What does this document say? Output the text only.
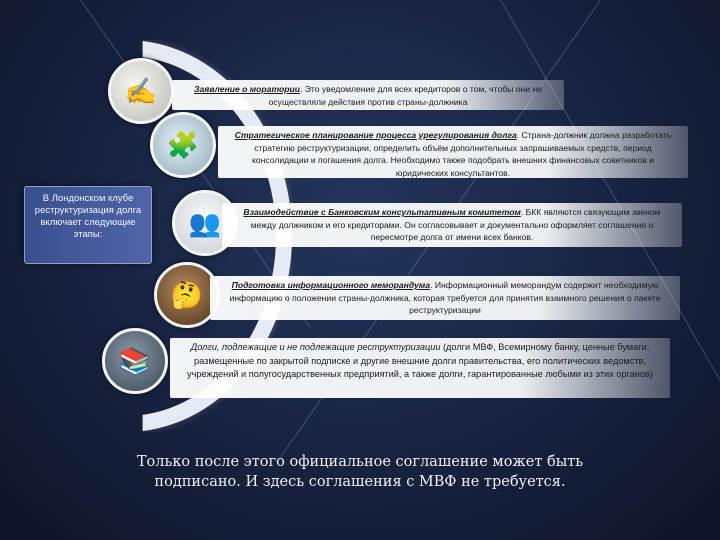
В Лондонском клубе реструктуризация долга включает следующие этапы:
✍
🧩
👥
🤔
📚
Заявление о моратории. Это уведомление для всех кредиторов о том, чтобы они не осуществляли действия против страны-должника
Стратегическое планирование процесса урегулирования долга. Страна-должник должна разработать стратегию реструктуризации, определить объём дополнительных запрашиваемых средств, период консолидации и погашения долга. Необходимо также подобрать внешних финансовых советников и юридических консультантов.
Взаимодействие с Банковским консультативным комитетом. БКК являются связующим звеном между должником и его кредиторами. Он согласовывает и документально оформляет соглашения о пересмотре долга от имени всех банков.
Подготовка информационного меморандума. Информационный меморандум содержит необходимую информацию о положении страны-должника, которая требуется для принятия взаимного решения о пакете реструктуризации
Долги, подлежащие и не подлежащие реструктуризации (долги МВФ, Всемирному банку, ценные бумаги, размещенные по закрытой подписке и другие внешние долги правительства, его политических ведомств, учреждений и полугосударственных предприятий, а также долги, гарантированные любыми из этих органов)
Только после этого официальное соглашение может быть подписано. И здесь соглашения с МВФ не требуется.
